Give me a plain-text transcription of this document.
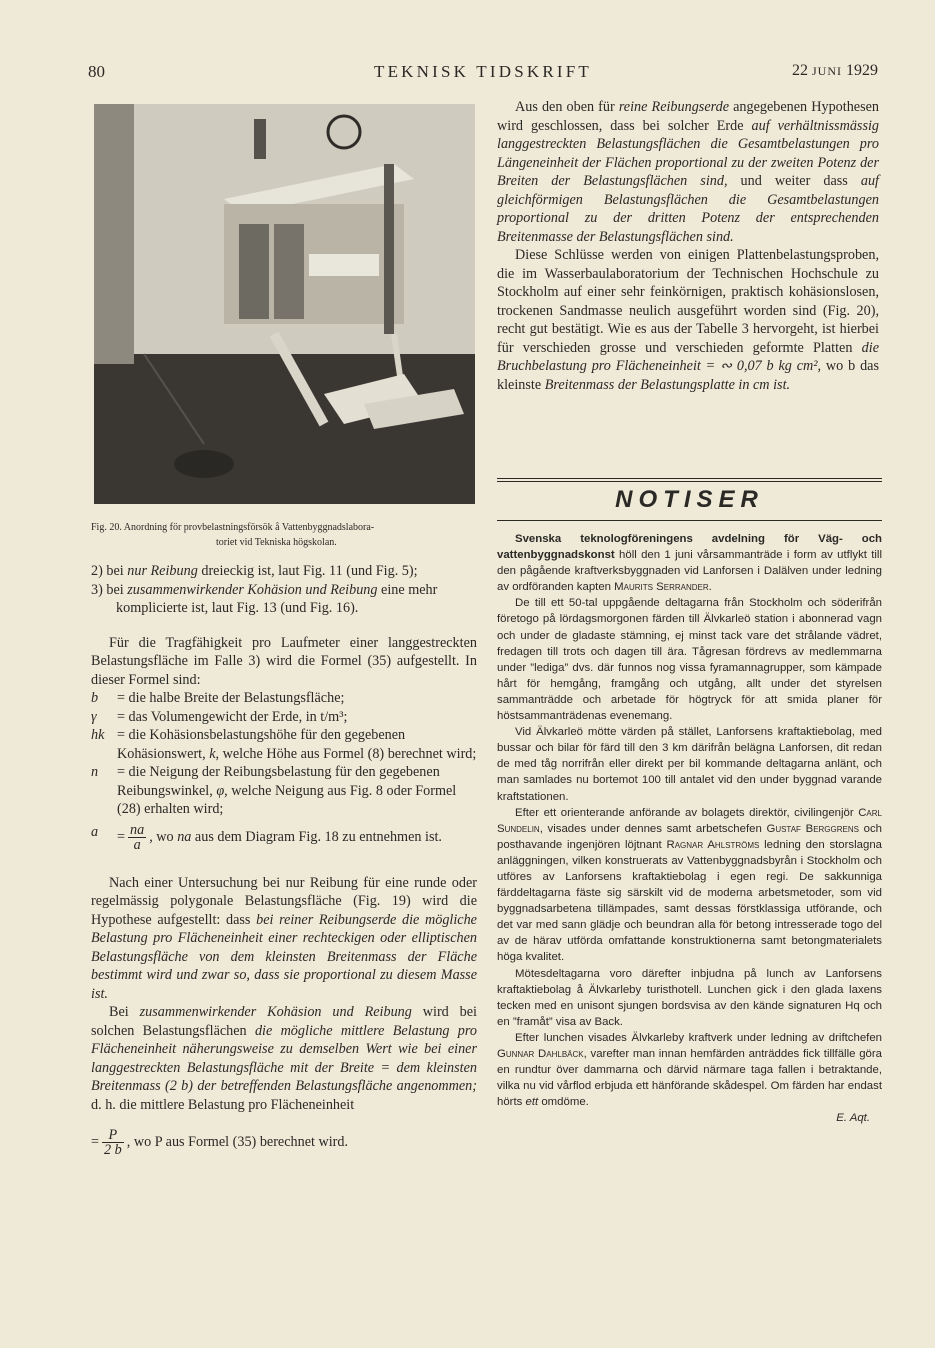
80	TEKNISK TIDSKRIFT	22 JUNI 1929
Fig. 20. Anordning för provbelastningsförsök å Vattenbyggnadslabora-
toriet vid Tekniska högskolan.

2) bei nur Reibung dreieckig ist, laut Fig. 11 (und Fig. 5);

3) bei zusammenwirkender Kohäsion und Reibung eine mehr komplicierte ist, laut Fig. 13 (und Fig. 16).

Für die Tragfähigkeit pro Laufmeter einer langgestreckten Belastungsfläche im Falle 3) wird die Formel (35) aufgestellt. In dieser Formel sind:

b	= die halbe Breite der Belastungsfläche;
γ	= das Volumengewicht der Erde, in t/m³;
hk = die Kohäsionsbelastungshöhe für den gegebenen Kohäsionswert, k, welche Höhe aus Formel (8) berechnet wird;
n	= die Neigung der Reibungsbelastung für den gegebenen Reibungswinkel, φ, welche Neigung aus Fig. 8 oder Formel (28) erhalten wird;
a	= $\frac{na}{a}$ , wo na aus dem Diagram Fig. 18 zu entnehmen ist.

Nach einer Untersuchung bei nur Reibung für eine runde oder regelmässig polygonale Belastungsfläche (Fig. 19) wird die Hypothese aufgestellt: dass bei reiner Reibungserde die mögliche Belastung pro Flächeneinheit einer rechteckigen oder elliptischen Belastungsfläche von dem kleinsten Breitenmass der Fläche bestimmt wird und zwar so, dass sie proportional zu diesem Masse ist.

Bei zusammenwirkender Kohäsion und Reibung wird bei solchen Belastungsflächen die mögliche mittlere Belastung pro Flächeneinheit näherungsweise zu demselben Wert wie bei einer langgestreckten Belastungsfläche mit der Breite = dem kleinsten Breitenmass (2 b) der betreffenden Belastungsfläche angenommen; d. h. die mittlere Belastung pro Flächeneinheit

= $\frac{P}{2 b}$ , wo P aus Formel (35) berechnet wird.

Aus den oben für reine Reibungserde angegebenen Hypothesen wird geschlossen, dass bei solcher Erde auf verhältnissmässig langgestreckten Belastungsflächen die Gesamtbelastungen pro Längeneinheit der Flächen proportional zu der zweiten Potenz der Breiten der Belastungsflächen sind, und weiter dass auf gleichförmigen Belastungsflächen die Gesamtbelastungen proportional zu der dritten Potenz der entsprechenden Breitenmasse der Belastungsflächen sind.

Diese Schlüsse werden von einigen Plattenbelastungsproben, die im Wasserbaulaboratorium der Technischen Hochschule zu Stockholm auf einer sehr feinkörnigen, praktisch kohäsionslosen, trockenen Sandmasse neulich ausgeführt worden sind (Fig. 20), recht gut bestätigt. Wie es aus der Tabelle 3 hervorgeht, ist hierbei für verschieden grosse und verschieden geformte Platten die Bruchbelastung pro Flächeneinheit = ∾ 0,07 b kg cm², wo b das kleinste Breitenmass der Belastungsplatte in cm ist.

NOTISER

Svenska teknologföreningens avdelning för Väg- och vattenbyggnadskonst höll den 1 juni vårsammanträde i form av utflykt till den pågående kraftverksbyggnaden vid Lanforsen i Dalälven under ledning av ordföranden kapten Maurits Serrander.

De till ett 50-tal uppgående deltagarna från Stockholm och söderifrån företogo på lördagsmorgonen färden till Älvkarleö station i abonnerad vagn och under de gladaste stämning, ej minst tack vare det strålande vädret, fredagen till trots och dagen till ära. Tågresan fördrevs av medlemmarna under ”lediga” dvs. där funnos nog vissa fyramannagrupper, som kämpade hårt för hemgång, framgång och utgång, allt under det styrelsen sammanträdde och arbetade för högtryck för att smida planer för höstsammanträdenas evenemang.

Vid Älvkarleö mötte värden på stället, Lanforsens kraftaktiebolag, med bussar och bilar för färd till den 3 km därifrån belägna Lanforsen, dit redan de med tåg norrifrån eller direkt per bil kommande deltagarna anlänt, och man samlades nu bortemot 100 till antalet vid den under byggnad varande kraftstationen.

Efter ett orienterande anförande av bolagets direktör, civilingenjör Carl Sundelin, visades under dennes samt arbetschefen Gustaf Berggrens och posthavande ingenjören löjtnant Ragnar Ahlströms ledning den storslagna anläggningen, vilken konstruerats av Vattenbyggnadsbyrån i Stockholm och utföres av Lanforsens kraftaktiebolag i egen regi. De sakkunniga färddeltagarna fäste sig särskilt vid de moderna arbetsmetoder, som vid byggnadsarbetena tillämpades, samt dessas förstklassiga utförande, och det var med sann glädje och beundran alla för betong intresserade togo del av de härav utförda omfattande konstruktionerna samt betongmaterialets höga kvalitet.

Mötesdeltagarna voro därefter inbjudna på lunch av Lanforsens kraftaktiebolag å Älvkarleby turisthotell. Lunchen gick i den glada laxens tecken med en unisont sjungen bordsvisa av den kände signaturen Hq och en ”framåt” visa av Back.

Efter lunchen visades Älvkarleby kraftverk under ledning av driftchefen Gunnar Dahlbäck, varefter man innan hemfärden anträddes fick tillfälle göra en rundtur över dammarna och därvid närmare taga fallen i betraktande, vilka nu vid vårflod erbjuda ett hänförande skådespel. Om färden har endast hörts ett omdöme.

E. Aqt.
